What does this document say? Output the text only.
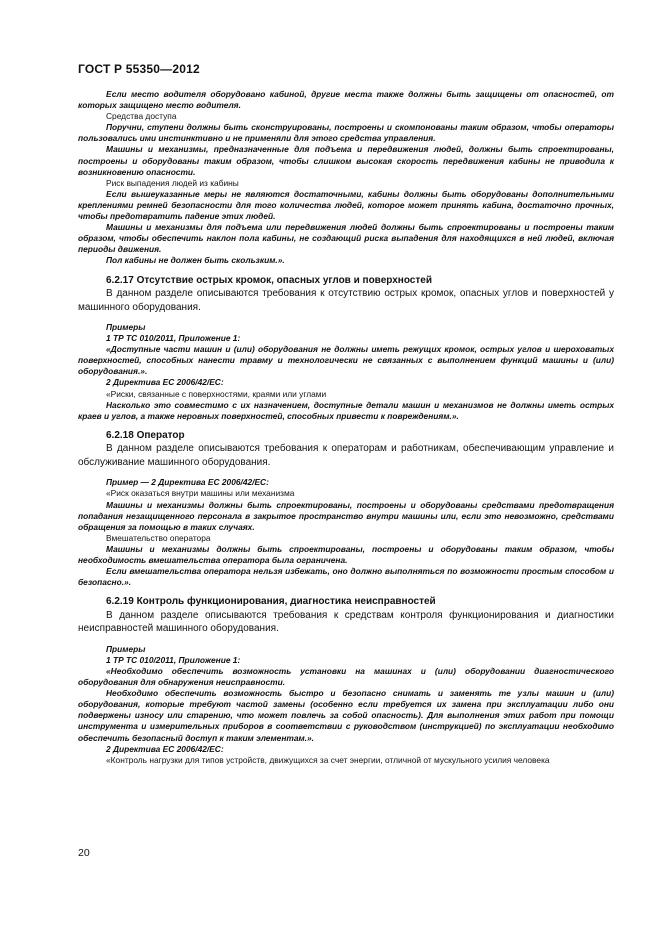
ГОСТ Р 55350—2012

Если место водителя оборудовано кабиной, другие места также должны быть защищены от опасностей, от которых защищено место водителя.

Средства доступа

Поручни, ступени должны быть сконструированы, построены и скомпонованы таким образом, чтобы операторы пользовались ими инстинктивно и не применяли для этого средства управления.

Машины и механизмы, предназначенные для подъема и передвижения людей, должны быть спроектированы, построены и оборудованы таким образом, чтобы слишком высокая скорость передвижения кабины не приводила к возникновению опасности.

Риск выпадения людей из кабины

Если вышеуказанные меры не являются достаточными, кабины должны быть оборудованы дополнительными креплениями ремней безопасности для того количества людей, которое может принять кабина, достаточно прочных, чтобы предотвратить падение этих людей.

Машины и механизмы для подъема или передвижения людей должны быть спроектированы и построены таким образом, чтобы обеспечить наклон пола кабины, не создающий риска выпадения для находящихся в ней людей, включая периоды движения.

Пол кабины не должен быть скользким.».

6.2.17 Отсутствие острых кромок, опасных углов и поверхностей

В данном разделе описываются требования к отсутствию острых кромок, опасных углов и поверхностей у машинного оборудования.

Примеры

1 ТР ТС 010/2011, Приложение 1:

«Доступные части машин и (или) оборудования не должны иметь режущих кромок, острых углов и шероховатых поверхностей, способных нанести травму и технологически не связанных с выполнением функций машины и (или) оборудования.».

2 Директива ЕС 2006/42/ЕС:

«Риски, связанные с поверхностями, краями или углами

Насколько это совместимо с их назначением, доступные детали машин и механизмов не должны иметь острых краев и углов, а также неровных поверхностей, способных привести к повреждениям.».

6.2.18 Оператор

В данном разделе описываются требования к операторам и работникам, обеспечивающим управление и обслуживание машинного оборудования.

Пример — 2 Директива ЕС 2006/42/ЕС:

«Риск оказаться внутри машины или механизма

Машины и механизмы должны быть спроектированы, построены и оборудованы средствами предотвращения попадания незащищенного персонала в закрытое пространство внутри машины или, если это невозможно, средствами обращения за помощью в таких случаях.

Вмешательство оператора

Машины и механизмы должны быть спроектированы, построены и оборудованы таким образом, чтобы необходимость вмешательства оператора была ограничена.

Если вмешательства оператора нельзя избежать, оно должно выполняться по возможности простым способом и безопасно.».

6.2.19 Контроль функционирования, диагностика неисправностей

В данном разделе описываются требования к средствам контроля функционирования и диагностики неисправностей машинного оборудования.

Примеры

1 ТР ТС 010/2011, Приложение 1:

«Необходимо обеспечить возможность установки на машинах и (или) оборудовании диагностического оборудования для обнаружения неисправности.

Необходимо обеспечить возможность быстро и безопасно снимать и заменять те узлы машин и (или) оборудования, которые требуют частой замены (особенно если требуется их замена при эксплуатации либо они подвержены износу или старению, что может повлечь за собой опасность). Для выполнения этих работ при помощи инструмента и измерительных приборов в соответствии с руководством (инструкцией) по эксплуатации необходимо обеспечить безопасный доступ к таким элементам.».

2 Директива ЕС 2006/42/ЕС:

«Контроль нагрузки для типов устройств, движущихся за счет энергии, отличной от мускульного усилия человека

20
